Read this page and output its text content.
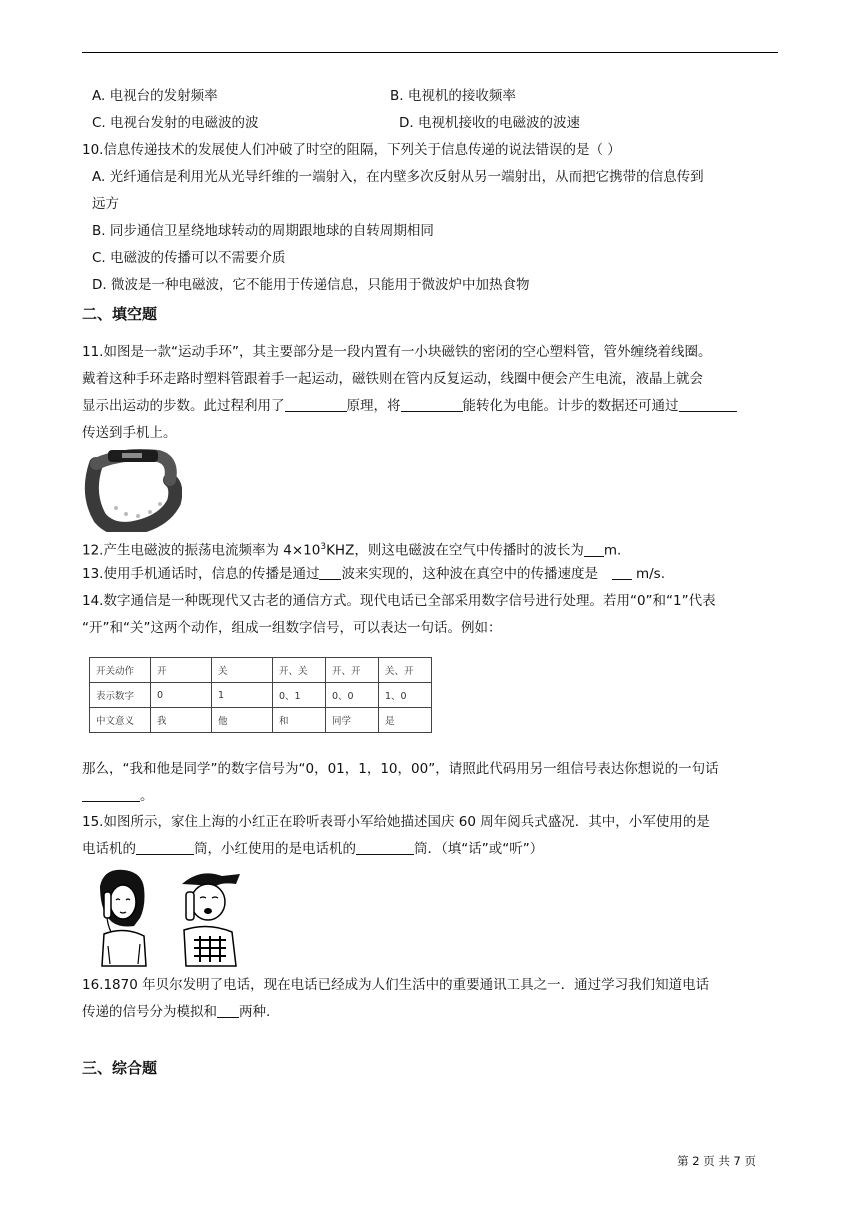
A. 电视台的发射频率	B. 电视机的接收频率
C. 电视台发射的电磁波的波	D. 电视机接收的电磁波的波速
10.信息传递技术的发展使人们冲破了时空的阻隔，下列关于信息传递的说法错误的是（ ）
A. 光纤通信是利用光从光导纤维的一端射入，在内壁多次反射从另一端射出，从而把它携带的信息传到
远方
B. 同步通信卫星绕地球转动的周期跟地球的自转周期相同
C. 电磁波的传播可以不需要介质
D. 微波是一种电磁波，它不能用于传递信息，只能用于微波炉中加热食物
二、填空题
11.如图是一款“运动手环”，其主要部分是一段内置有一小块磁铁的密闭的空心塑料管，管外缠绕着线圈。
戴着这种手环走路时塑料管跟着手一起运动，磁铁则在管内反复运动，线圈中便会产生电流，液晶上就会
显示出运动的步数。此过程利用了	原理，将	能转化为电能。计步的数据还可通过
传送到手机上。
12.产生电磁波的振荡电流频率为 $4\times 10^3KHZ$，则这电磁波在空气中传播时的波长为 m.
13.使用手机通话时，信息的传播是通过 波来实现的，这种波在真空中的传播速度是	m/s.
14.数字通信是一种既现代又古老的通信方式。现代电话已全部采用数字信号进行处理。若用“0”和“1”代表
“开”和“关”这两个动作，组成一组数字信号，可以表达一句话。例如：
开关动作	开	关	开、关	开、开	关、开
表示数字	0	1	0、1	0、0	1、0
中文意义	我	他	和	同学	是
那么，“我和他是同学”的数字信号为“0，01，1，10，00”，请照此代码用另一组信号表达你想说的一句话
。
15.如图所示，家住上海的小红正在聆听表哥小军给她描述国庆 60 周年阅兵式盛况．其中，小军使用的是
电话机的	筒，小红使用的是电话机的	筒．（填“话”或“听”）
16.1870 年贝尔发明了电话，现在电话已经成为人们生活中的重要通讯工具之一．通过学习我们知道电话
传递的信号分为模拟和 两种.
三、综合题
第 2 页 共 7 页
